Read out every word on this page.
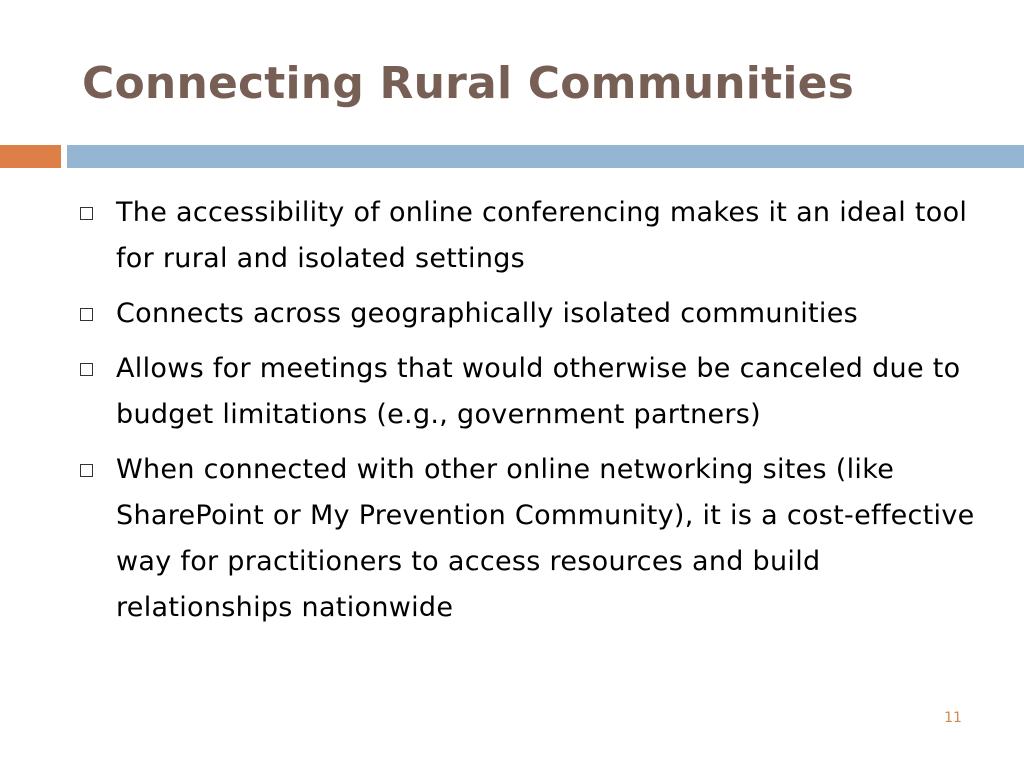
Connecting Rural Communities
The accessibility of online conferencing makes it an ideal tool for rural and isolated settings
Connects across geographically isolated communities
Allows for meetings that would otherwise be canceled due to budget limitations (e.g., government partners)
When connected with other online networking sites (like SharePoint or My Prevention Community), it is a cost-effective way for practitioners to access resources and build relationships nationwide
11
